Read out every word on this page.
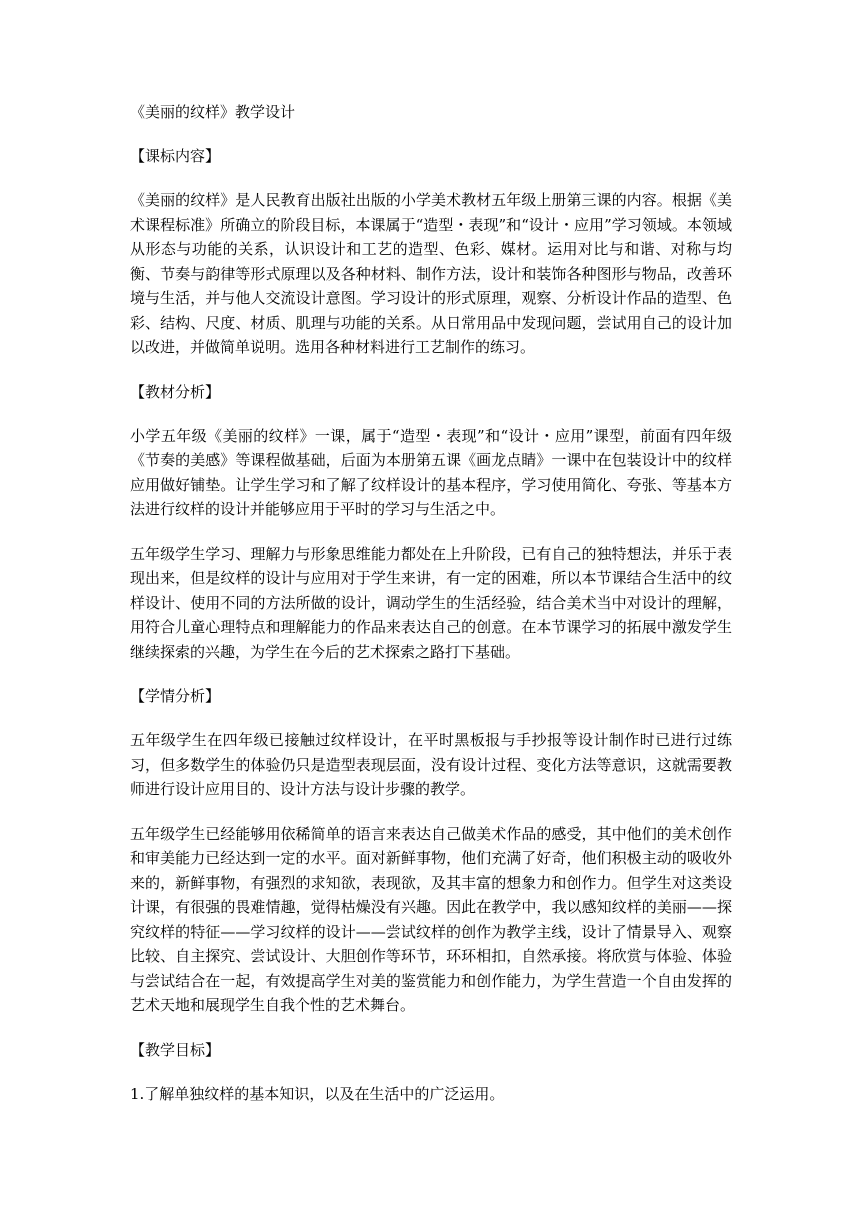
《美丽的纹样》教学设计
【课标内容】
《美丽的纹样》是人民教育出版社出版的小学美术教材五年级上册第三课的内容。根据《美术课程标准》所确立的阶段目标，本课属于“造型・表现”和“设计・应用”学习领域。本领域从形态与功能的关系，认识设计和工艺的造型、色彩、媒材。运用对比与和谐、对称与均衡、节奏与韵律等形式原理以及各种材料、制作方法，设计和装饰各种图形与物品，改善环境与生活，并与他人交流设计意图。学习设计的形式原理，观察、分析设计作品的造型、色彩、结构、尺度、材质、肌理与功能的关系。从日常用品中发现问题，尝试用自己的设计加以改进，并做简单说明。选用各种材料进行工艺制作的练习。
【教材分析】
小学五年级《美丽的纹样》一课，属于“造型・表现”和“设计・应用”课型，前面有四年级《节奏的美感》等课程做基础，后面为本册第五课《画龙点睛》一课中在包装设计中的纹样应用做好铺垫。让学生学习和了解了纹样设计的基本程序，学习使用简化、夸张、等基本方法进行纹样的设计并能够应用于平时的学习与生活之中。
五年级学生学习、理解力与形象思维能力都处在上升阶段，已有自己的独特想法，并乐于表现出来，但是纹样的设计与应用对于学生来讲，有一定的困难，所以本节课结合生活中的纹样设计、使用不同的方法所做的设计，调动学生的生活经验，结合美术当中对设计的理解，用符合儿童心理特点和理解能力的作品来表达自己的创意。在本节课学习的拓展中激发学生继续探索的兴趣，为学生在今后的艺术探索之路打下基础。
【学情分析】
五年级学生在四年级已接触过纹样设计，在平时黑板报与手抄报等设计制作时已进行过练习，但多数学生的体验仍只是造型表现层面，没有设计过程、变化方法等意识，这就需要教师进行设计应用目的、设计方法与设计步骤的教学。
五年级学生已经能够用依稀简单的语言来表达自己做美术作品的感受，其中他们的美术创作和审美能力已经达到一定的水平。面对新鲜事物，他们充满了好奇，他们积极主动的吸收外来的，新鲜事物，有强烈的求知欲，表现欲，及其丰富的想象力和创作力。但学生对这类设计课，有很强的畏难情趣，觉得枯燥没有兴趣。因此在教学中，我以感知纹样的美丽——探究纹样的特征——学习纹样的设计——尝试纹样的创作为教学主线，设计了情景导入、观察比较、自主探究、尝试设计、大胆创作等环节，环环相扣，自然承接。将欣赏与体验、体验与尝试结合在一起，有效提高学生对美的鉴赏能力和创作能力，为学生营造一个自由发挥的艺术天地和展现学生自我个性的艺术舞台。
【教学目标】
1.了解单独纹样的基本知识，以及在生活中的广泛运用。
